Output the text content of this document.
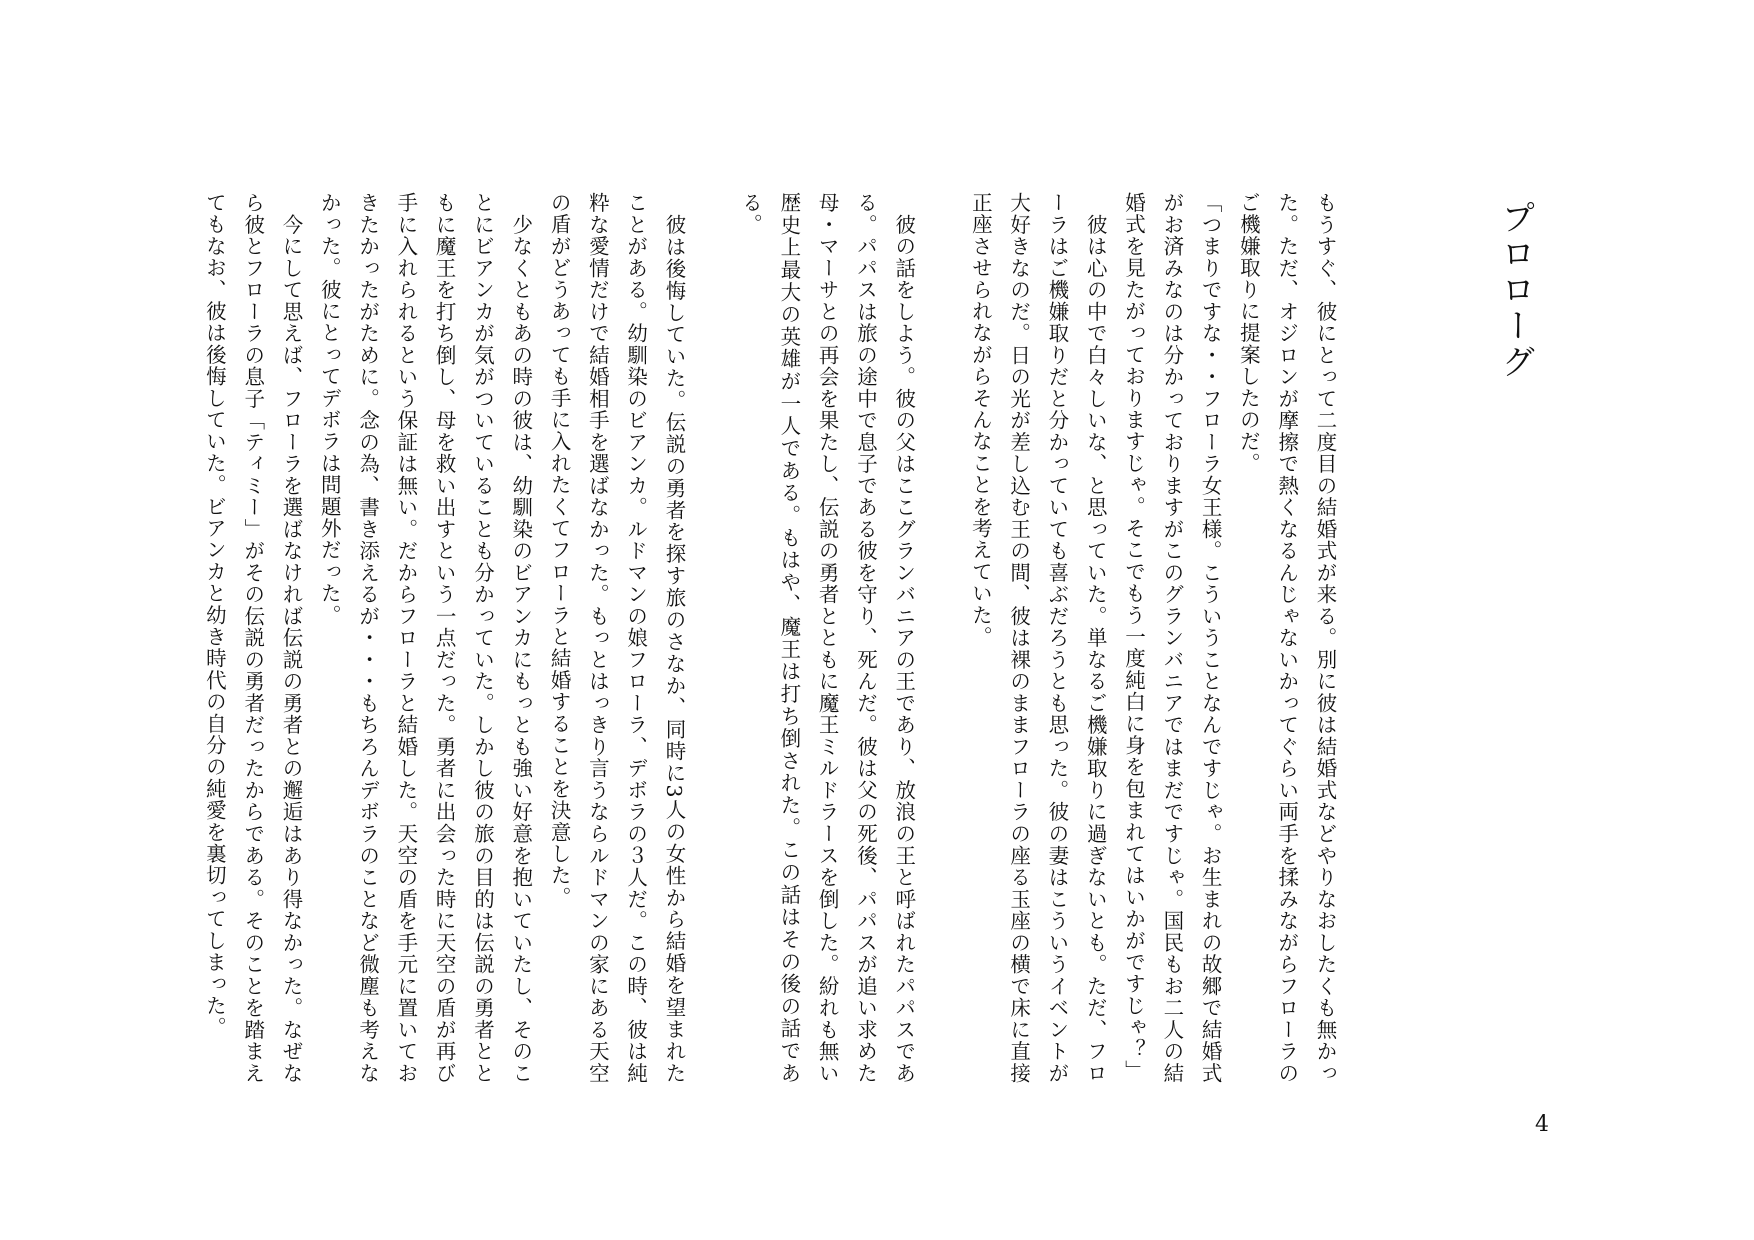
プロローグ

もうすぐ、彼にとって二度目の結婚式が来る。別に彼は結婚式などやりなおしたくも無かった。ただ、オジロンが摩擦で熱くなるんじゃないかってぐらい両手を揉みながらフローラのご機嫌取りに提案したのだ。

「つまりですな・・フローラ女王様。こういうことなんですじゃ。お生まれの故郷で結婚式がお済みなのは分かっておりますがこのグランバニアではまだですじゃ。国民もお二人の結婚式を見たがっておりますじゃ。そこでもう一度純白に身を包まれてはいかがですじゃ？」

　彼は心の中で白々しいな、と思っていた。単なるご機嫌取りに過ぎないとも。ただ、フローラはご機嫌取りだと分かっていても喜ぶだろうとも思った。彼の妻はこういうイベントが大好きなのだ。日の光が差し込む王の間、彼は裸のままフローラの座る玉座の横で床に直接正座させられながらそんなことを考えていた。

　彼の話をしよう。彼の父はここグランバニアの王であり、放浪の王と呼ばれたパパスである。パパスは旅の途中で息子である彼を守り、死んだ。彼は父の死後、パパスが追い求めた母・マーサとの再会を果たし、伝説の勇者とともに魔王ミルドラースを倒した。紛れも無い歴史上最大の英雄が一人である。もはや、魔王は打ち倒された。この話はその後の話である。

　彼は後悔していた。伝説の勇者を探す旅のさなか、同時に3人の女性から結婚を望まれたことがある。幼馴染のビアンカ。ルドマンの娘フローラ、デボラの３人だ。この時、彼は純粋な愛情だけで結婚相手を選ばなかった。もっとはっきり言うならルドマンの家にある天空の盾がどうあっても手に入れたくてフローラと結婚することを決意した。

　少なくともあの時の彼は、幼馴染のビアンカにもっとも強い好意を抱いていたし、そのことにビアンカが気がついていることも分かっていた。しかし彼の旅の目的は伝説の勇者とともに魔王を打ち倒し、母を救い出すという一点だった。勇者に出会った時に天空の盾が再び手に入れられるという保証は無い。だからフローラと結婚した。天空の盾を手元に置いておきたかったがために。念の為、書き添えるが・・・もちろんデボラのことなど微塵も考えなかった。彼にとってデボラは問題外だった。

　今にして思えば、フローラを選ばなければ伝説の勇者との邂逅はあり得なかった。なぜなら彼とフローラの息子「ティミー」がその伝説の勇者だったからである。そのことを踏まえてもなお、彼は後悔していた。ビアンカと幼き時代の自分の純愛を裏切ってしまった。

4
